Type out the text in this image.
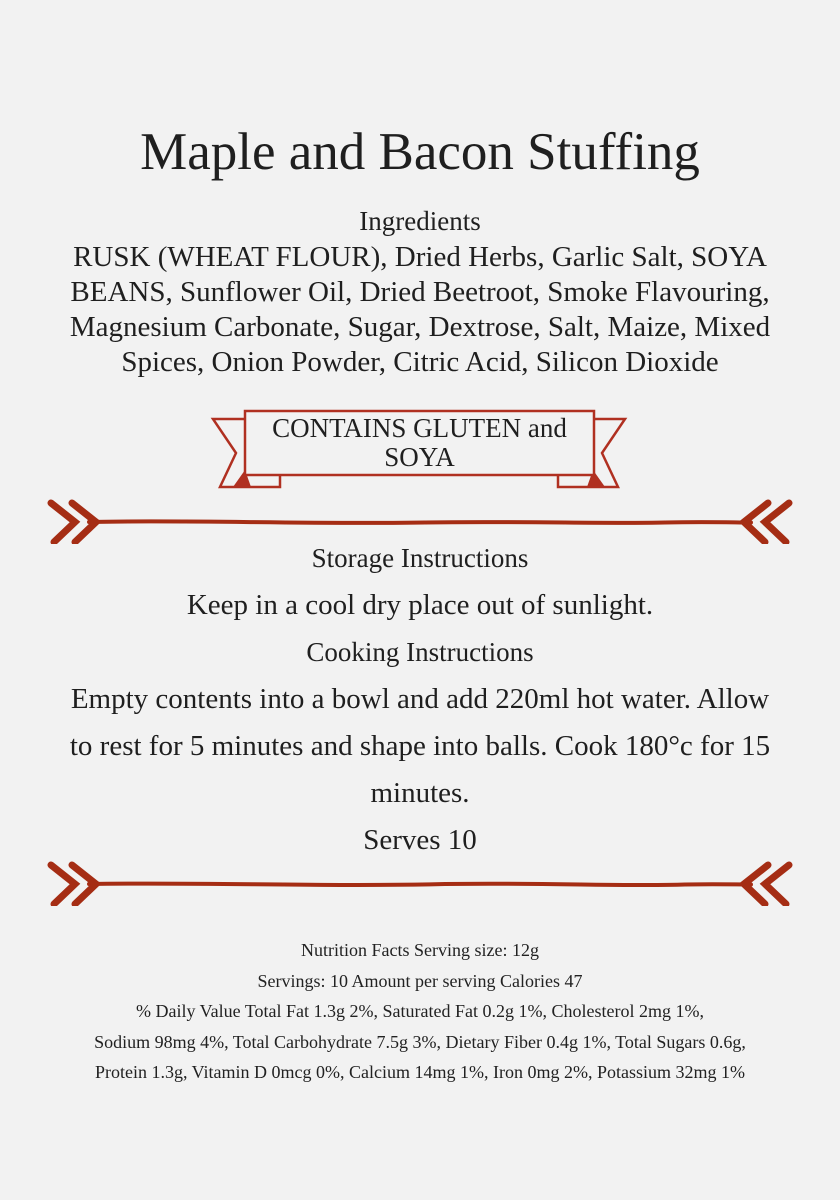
Maple and Bacon Stuffing
Ingredients
RUSK (WHEAT FLOUR), Dried Herbs, Garlic Salt, SOYA
BEANS, Sunflower Oil, Dried Beetroot, Smoke Flavouring,
Magnesium Carbonate, Sugar, Dextrose, Salt, Maize, Mixed
Spices, Onion Powder, Citric Acid, Silicon Dioxide
CONTAINS GLUTEN and SOYA
Storage Instructions
Keep in a cool dry place out of sunlight.
Cooking Instructions
Empty contents into a bowl and add 220ml hot water. Allow
to rest for 5 minutes and shape into balls. Cook 180°c for 15
minutes.
Serves 10
Nutrition Facts Serving size: 12g
Servings: 10 Amount per serving Calories 47
% Daily Value Total Fat 1.3g 2%, Saturated Fat 0.2g 1%, Cholesterol 2mg 1%,
Sodium 98mg 4%, Total Carbohydrate 7.5g 3%, Dietary Fiber 0.4g 1%, Total Sugars 0.6g,
Protein 1.3g, Vitamin D 0mcg 0%, Calcium 14mg 1%, Iron 0mg 2%, Potassium 32mg 1%
